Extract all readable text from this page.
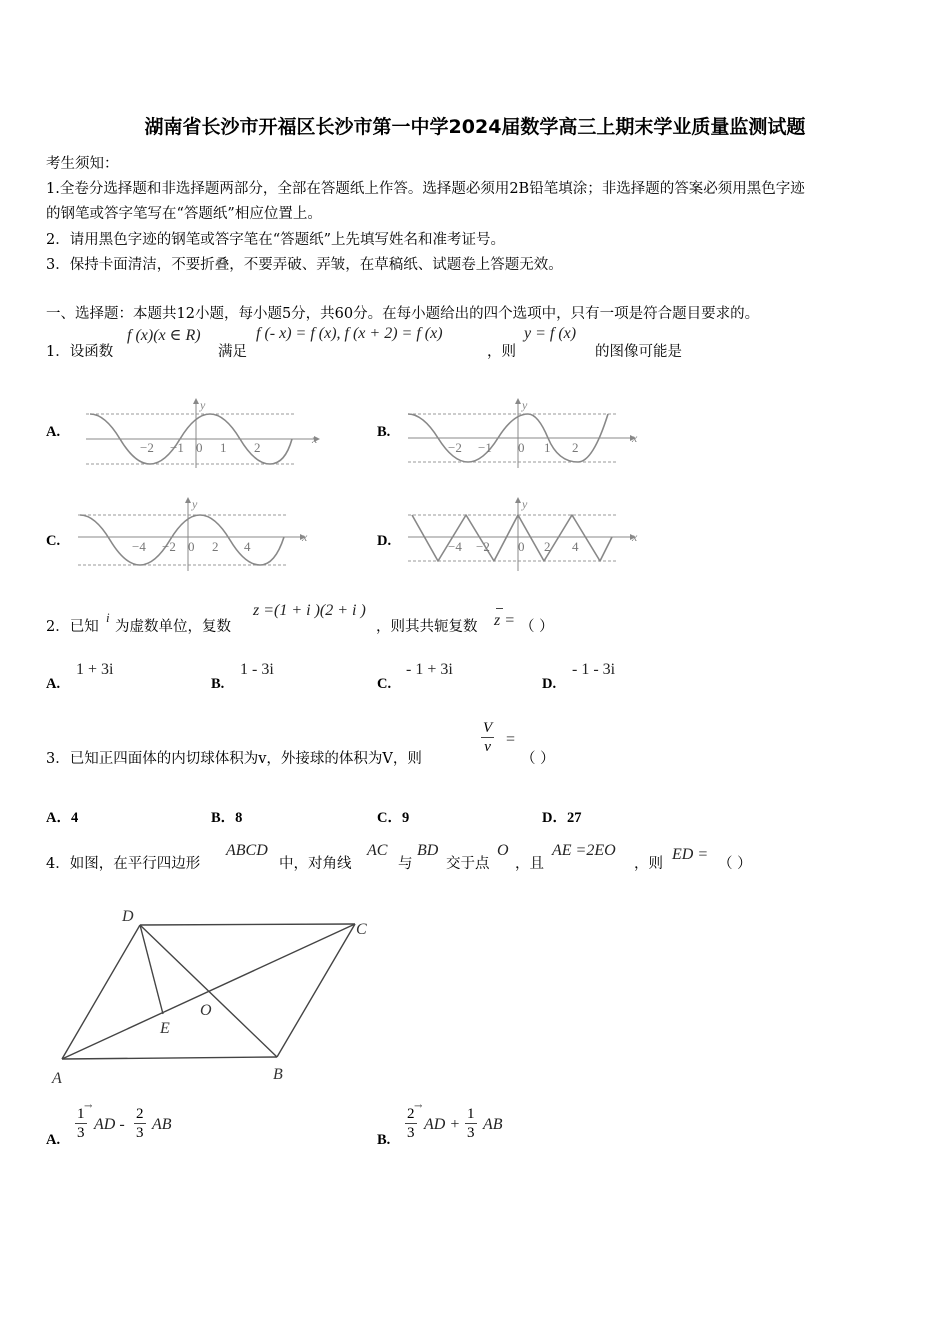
湖南省长沙市开福区长沙市第一中学2024届数学高三上期末学业质量监测试题
考生须知：
1.全卷分选择题和非选择题两部分，全部在答题纸上作答。选择题必须用2B铅笔填涂；非选择题的答案必须用黑色字迹
的钢笔或答字笔写在“答题纸”相应位置上。
2．请用黑色字迹的钢笔或答字笔在“答题纸”上先填写姓名和准考证号。
3．保持卡面清洁，不要折叠，不要弄破、弄皱，在草稿纸、试题卷上答题无效。
一、选择题：本题共12小题，每小题5分，共60分。在每小题给出的四个选项中，只有一项是符合题目要求的。
1．设函数
f (x)(x ∈ R)
满足
f (- x) = f (x), f (x + 2) = f (x)
，则
y = f (x)
的图像可能是
A.	B.
C.	D.
x
y
−2 −1 0 1 2
x
y
−2 −1 0 1 2
x
y
−4 −2 0 2 4
x
y
−4 −2 0 2 4
2．已知
i
为虚数单位，复数
z =(1 + i )(2 + i )
，则其共轭复数 z = （ ）
A.
1 + 3i
B.
1 - 3i
C.
- 1 + 3i
D.
- 1 - 3i
3．已知正四面体的内切球体积为v，外接球的体积为V，则
$\frac{V}{v}$ =
（ ）
A．4	B．8	C．9	D．27
4．如图，在平行四边形
ABCD
中，对角线
AC
与
BD
交于点
O
，且
AE =2EO
，则
ED =
（ ）
D
C
A	B
E
O
A. $\frac{1}{3}$
→
AD - $\frac{2}{3}$ AB
B. $\frac{2}{3}$
→
AD + $\frac{1}{3}$ AB
